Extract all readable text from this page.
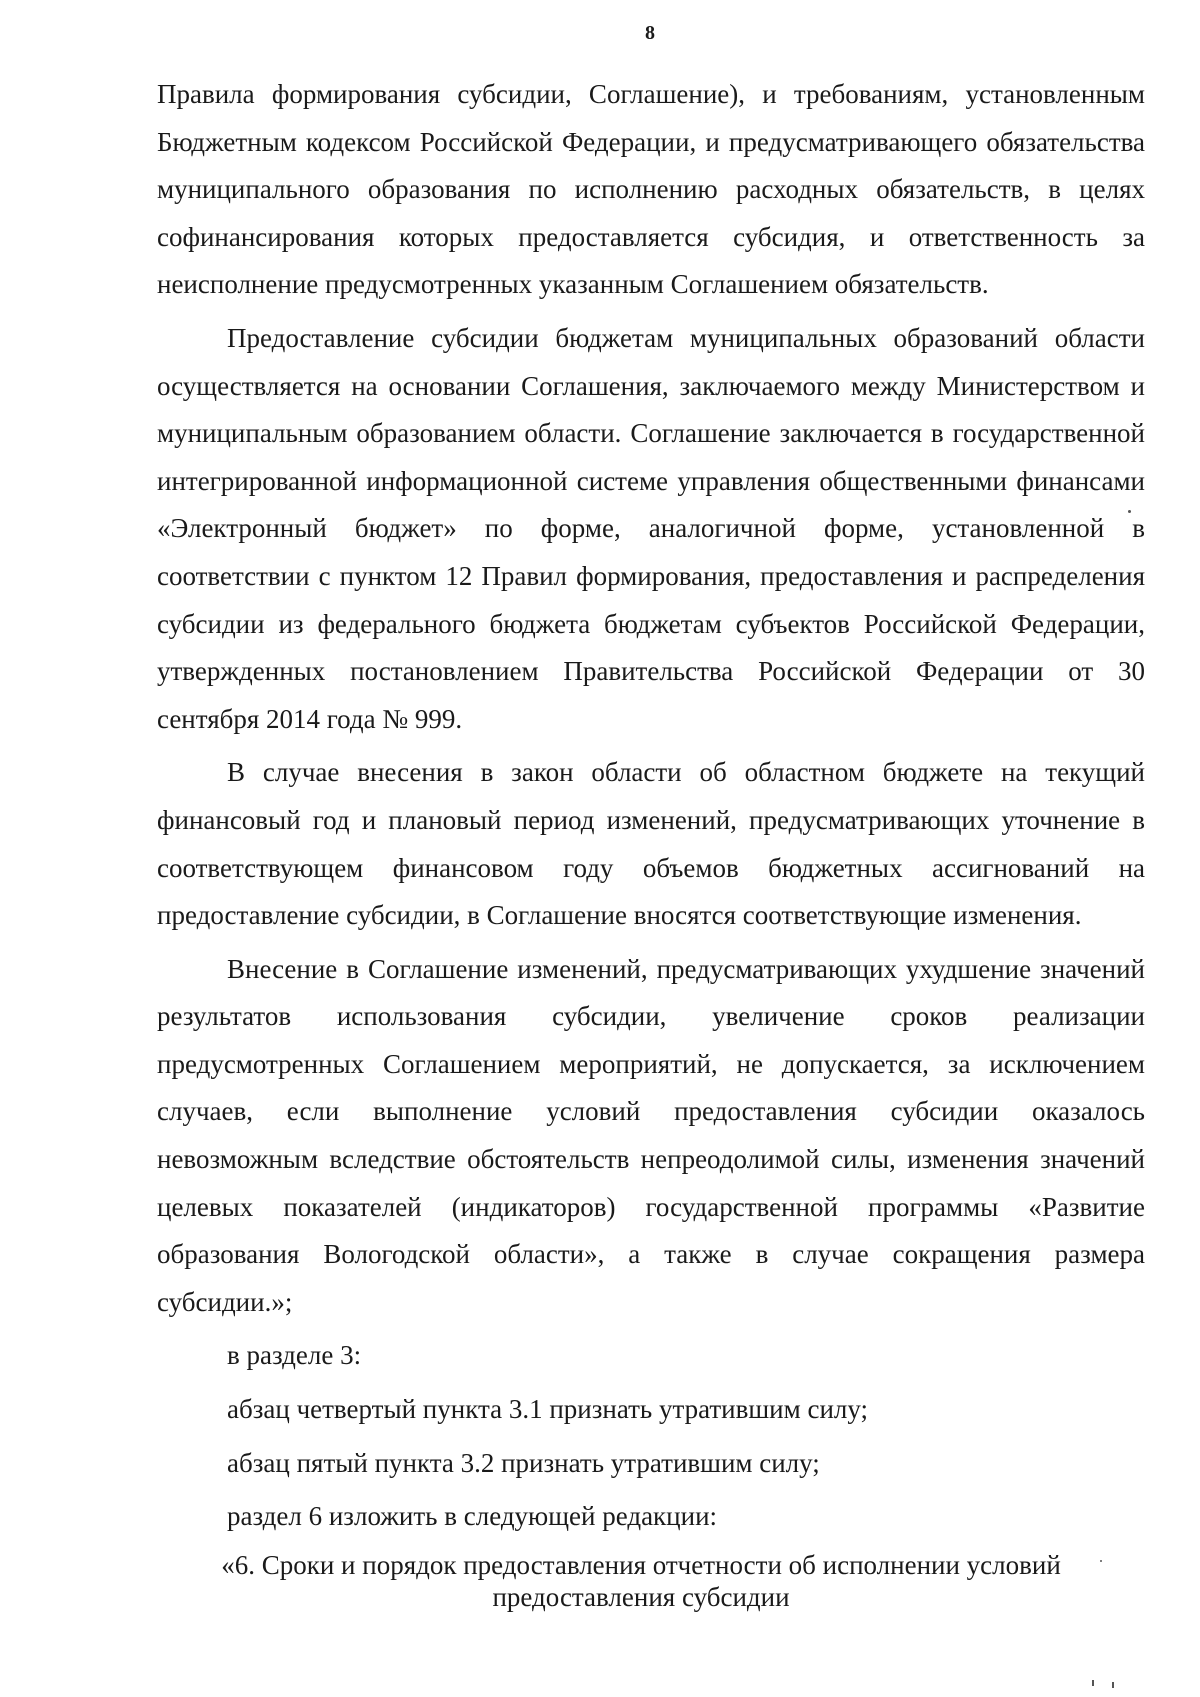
8

Правила формирования субсидии, Соглашение), и требованиям, установленным Бюджетным кодексом Российской Федерации, и предусматривающего обязательства муниципального образования по исполнению расходных обязательств, в целях софинансирования которых предоставляется субсидия, и ответственность за неисполнение предусмотренных указанным Соглашением обязательств.

Предоставление субсидии бюджетам муниципальных образований области осуществляется на основании Соглашения, заключаемого между Министерством и муниципальным образованием области. Соглашение заключается в государственной интегрированной информационной системе управления общественными финансами «Электронный бюджет» по форме, аналогичной форме, установленной в соответствии с пунктом 12 Правил формирования, предоставления и распределения субсидии из федерального бюджета бюджетам субъектов Российской Федерации, утвержденных постановлением Правительства Российской Федерации от 30 сентября 2014 года № 999.

В случае внесения в закон области об областном бюджете на текущий финансовый год и плановый период изменений, предусматривающих уточнение в соответствующем финансовом году объемов бюджетных ассигнований на предоставление субсидии, в Соглашение вносятся соответствующие изменения.

Внесение в Соглашение изменений, предусматривающих ухудшение значений результатов использования субсидии, увеличение сроков реализации предусмотренных Соглашением мероприятий, не допускается, за исключением случаев, если выполнение условий предоставления субсидии оказалось невозможным вследствие обстоятельств непреодолимой силы, изменения значений целевых показателей (индикаторов) государственной программы «Развитие образования Вологодской области», а также в случае сокращения размера субсидии.»;

в разделе 3:

абзац четвертый пункта 3.1 признать утратившим силу;

абзац пятый пункта 3.2 признать утратившим силу;

раздел 6 изложить в следующей редакции:

«6. Сроки и порядок предоставления отчетности об исполнении условий предоставления субсидии
